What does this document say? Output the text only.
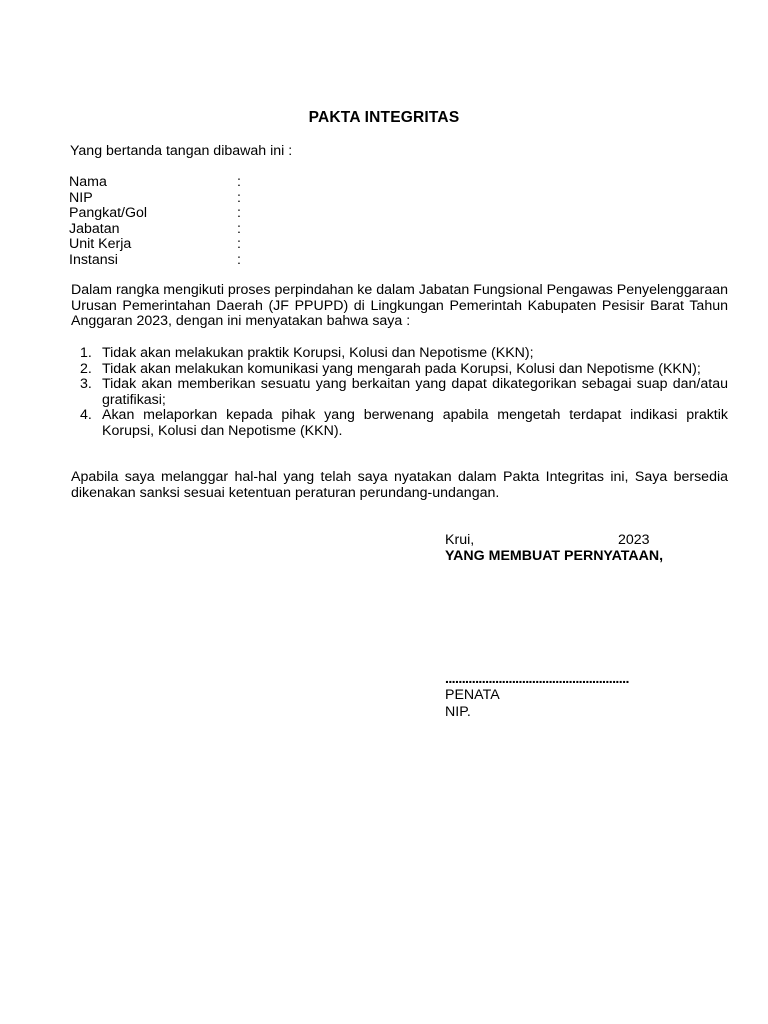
PAKTA INTEGRITAS
Yang bertanda tangan dibawah ini :
Nama	:
NIP	:
Pangkat/Gol	:
Jabatan	:
Unit Kerja	:
Instansi	:
Dalam rangka mengikuti proses perpindahan ke dalam Jabatan Fungsional Pengawas Penyelenggaraan Urusan Pemerintahan Daerah (JF PPUPD) di Lingkungan Pemerintah Kabupaten Pesisir Barat Tahun Anggaran 2023, dengan ini menyatakan bahwa saya :
1. Tidak akan melakukan praktik Korupsi, Kolusi dan Nepotisme (KKN);
2. Tidak akan melakukan komunikasi yang mengarah pada Korupsi, Kolusi dan Nepotisme (KKN);
3. Tidak akan memberikan sesuatu yang berkaitan yang dapat dikategorikan sebagai suap dan/atau gratifikasi;
4. Akan melaporkan kepada pihak yang berwenang apabila mengetah terdapat indikasi praktik Korupsi, Kolusi dan Nepotisme (KKN).
Apabila saya melanggar hal-hal yang telah saya nyatakan dalam Pakta Integritas ini, Saya bersedia dikenakan sanksi sesuai ketentuan peraturan perundang-undangan.
Krui,	2023
YANG MEMBUAT PERNYATAAN,
.......................................................
PENATA
NIP.
